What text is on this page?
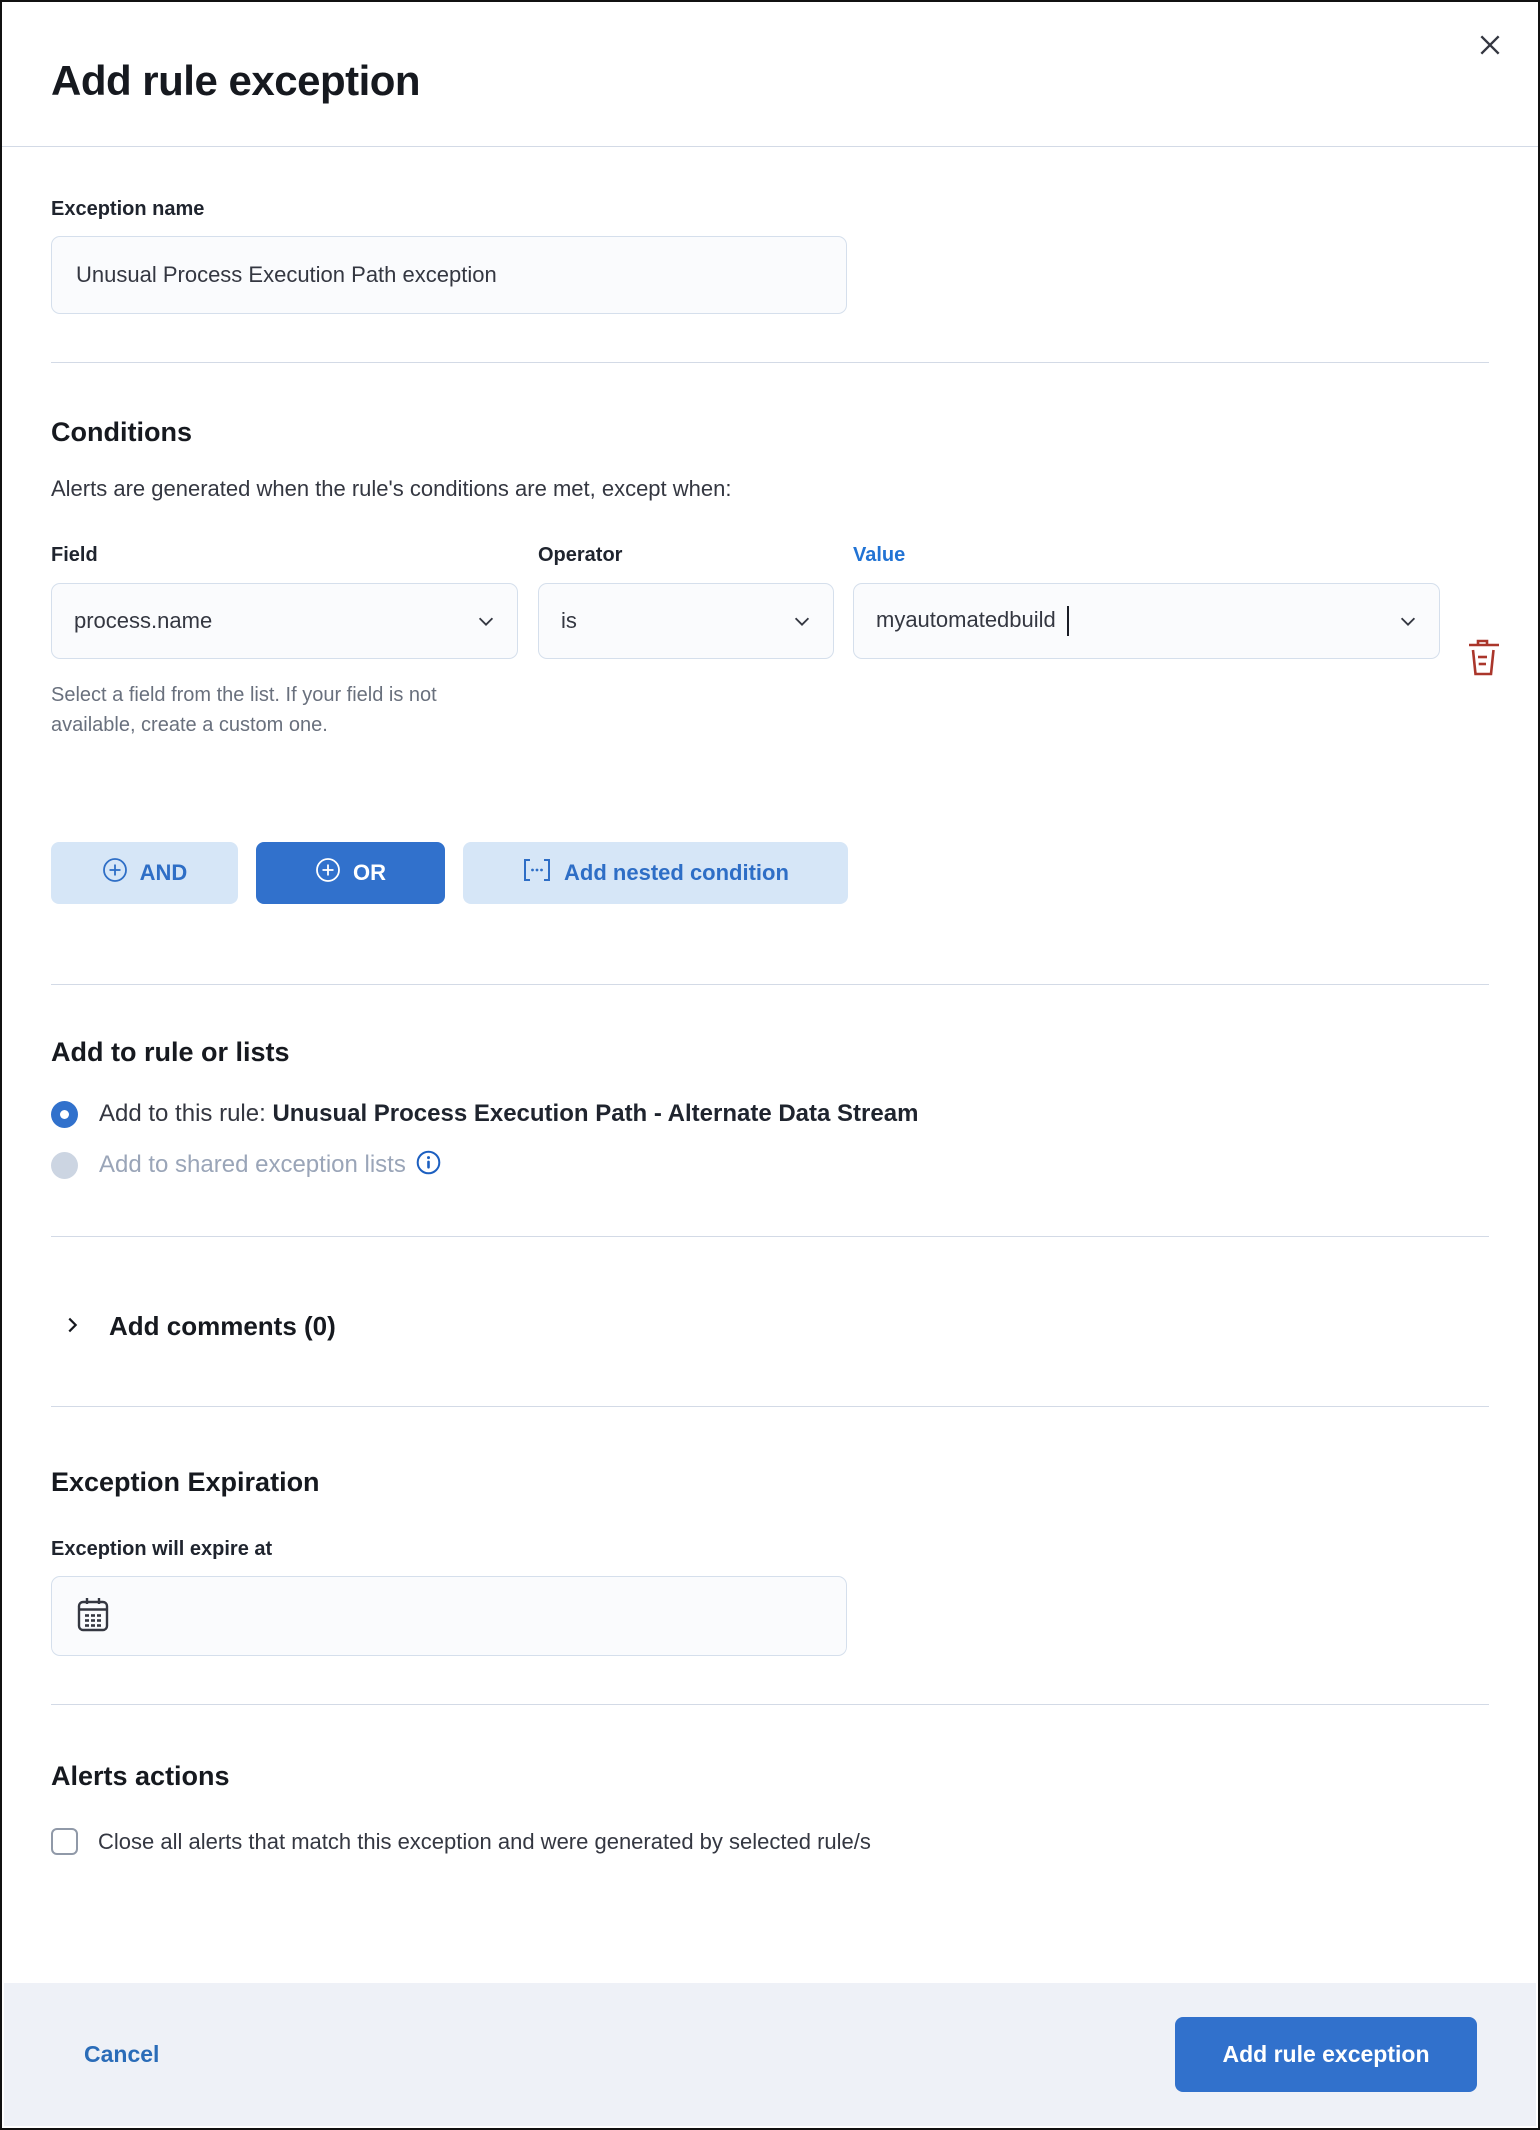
Add rule exception
Exception name
Unusual Process Execution Path exception
Conditions

Alerts are generated when the rule's conditions are met, except when:

Field
process.name

Select a field from the list. If your field is not available, create a custom one.

Operator
is
Value
myautomatedbuild
AND	OR	Add nested condition
Add to rule or lists
Add to this rule: Unusual Process Execution Path - Alternate Data Stream
Add to shared exception lists
Add comments (0)
Exception Expiration
Exception will expire at
Alerts actions
Close all alerts that match this exception and were generated by selected rule/s
Cancel	Add rule exception
